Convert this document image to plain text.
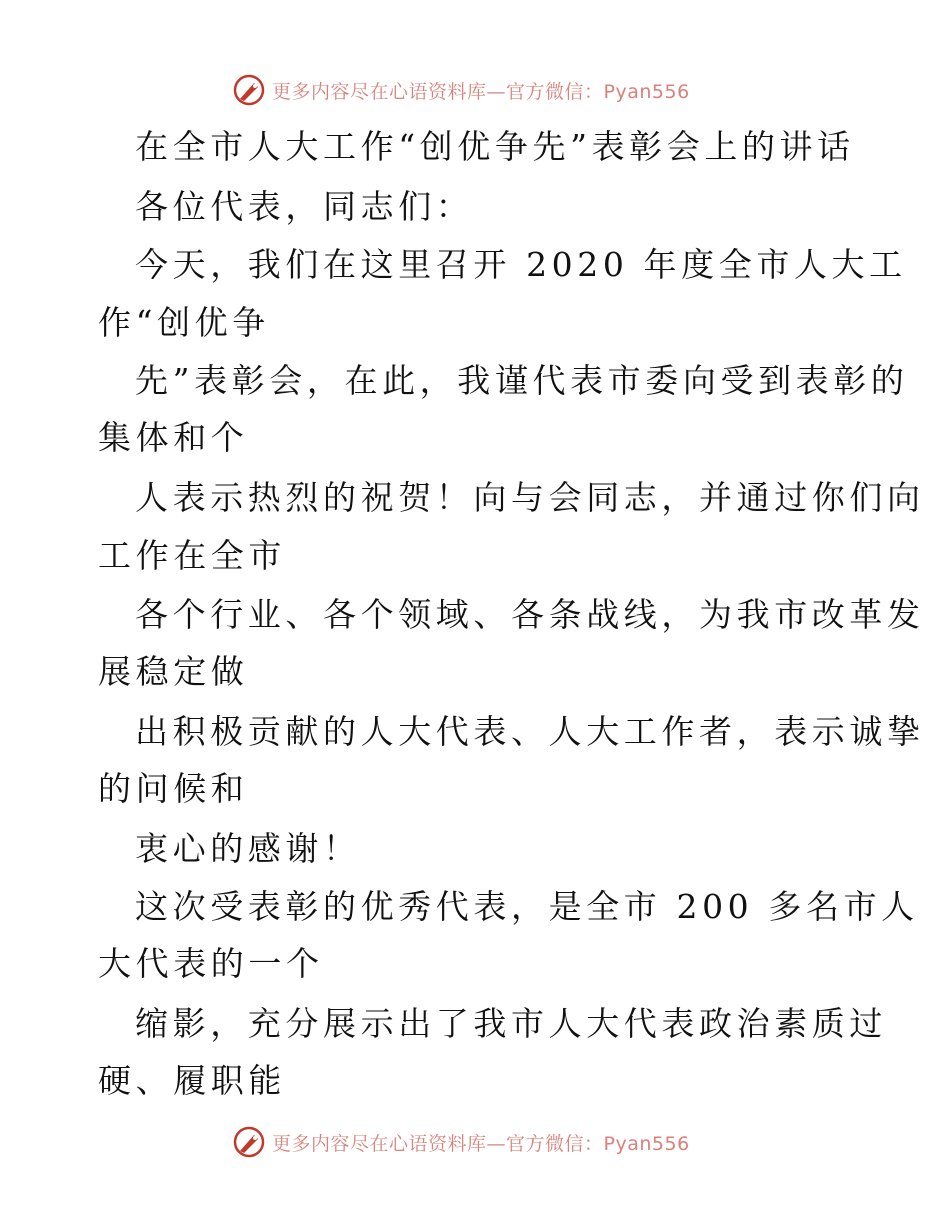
更多内容尽在心语资料库—官方微信：Pyan556
在全市人大工作“创优争先”表彰会上的讲话
各位代表，同志们：
今天，我们在这里召开 2020 年度全市人大工
作“创优争
先”表彰会，在此，我谨代表市委向受到表彰的
集体和个
人表示热烈的祝贺！向与会同志，并通过你们向
工作在全市
各个行业、各个领域、各条战线，为我市改革发
展稳定做
出积极贡献的人大代表、人大工作者，表示诚挚
的问候和
衷心的感谢！
这次受表彰的优秀代表，是全市 200 多名市人
大代表的一个
缩影，充分展示出了我市人大代表政治素质过
硬、履职能
更多内容尽在心语资料库—官方微信：Pyan556
